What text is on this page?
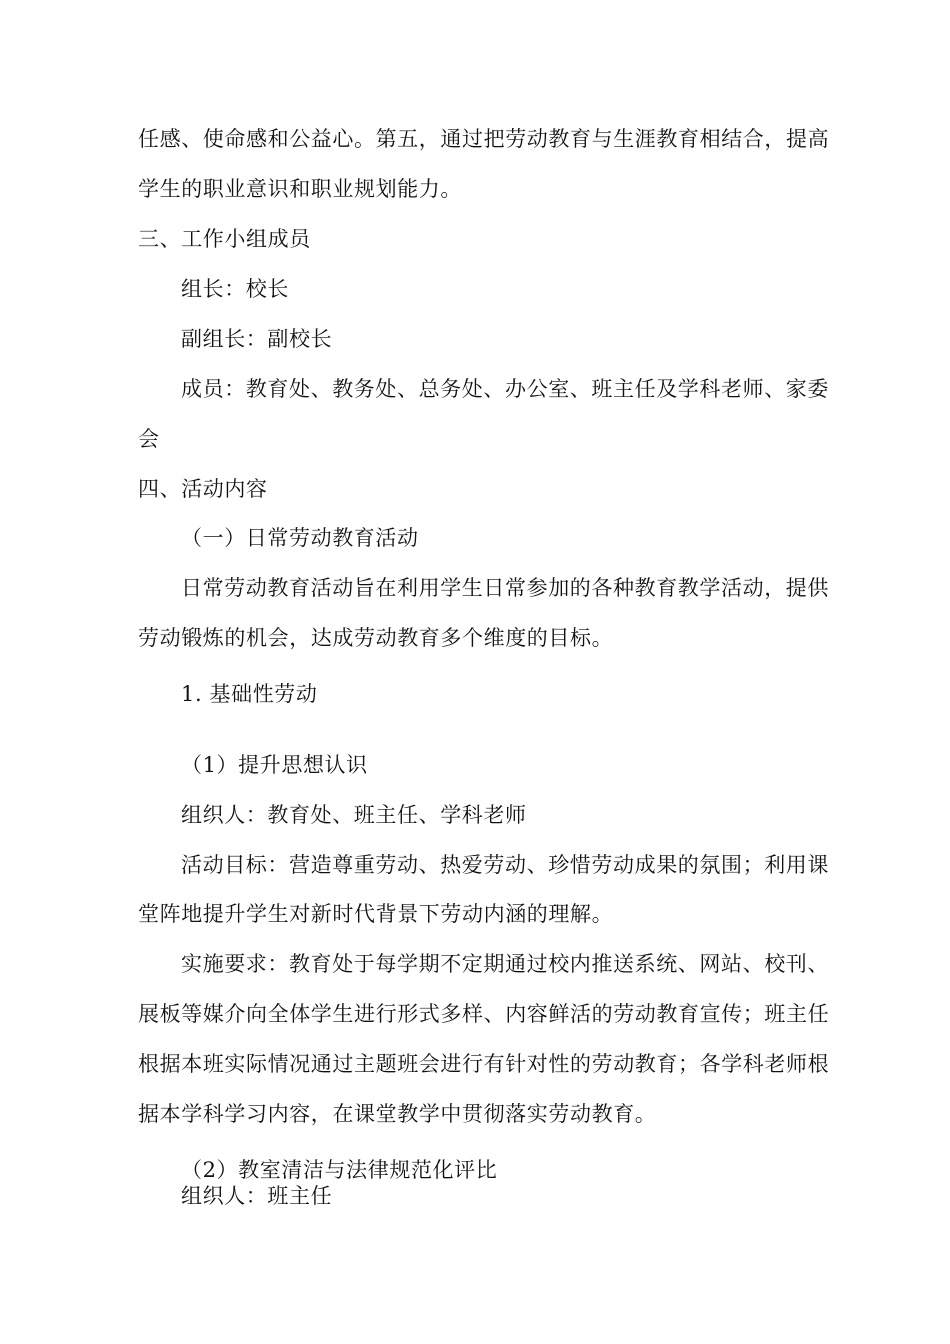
任感、使命感和公益心。第五，通过把劳动教育与生涯教育相结合，提高
学生的职业意识和职业规划能力。
三、工作小组成员
组长：校长
副组长：副校长
成员：教育处、教务处、总务处、办公室、班主任及学科老师、家委
会
四、活动内容
（一）日常劳动教育活动
日常劳动教育活动旨在利用学生日常参加的各种教育教学活动，提供
劳动锻炼的机会，达成劳动教育多个维度的目标。
1. 基础性劳动
（1）提升思想认识
组织人：教育处、班主任、学科老师
活动目标：营造尊重劳动、热爱劳动、珍惜劳动成果的氛围；利用课
堂阵地提升学生对新时代背景下劳动内涵的理解。
实施要求：教育处于每学期不定期通过校内推送系统、网站、校刊、
展板等媒介向全体学生进行形式多样、内容鲜活的劳动教育宣传；班主任
根据本班实际情况通过主题班会进行有针对性的劳动教育；各学科老师根
据本学科学习内容，在课堂教学中贯彻落实劳动教育。
（2）教室清洁与法律规范化评比
组织人：班主任
